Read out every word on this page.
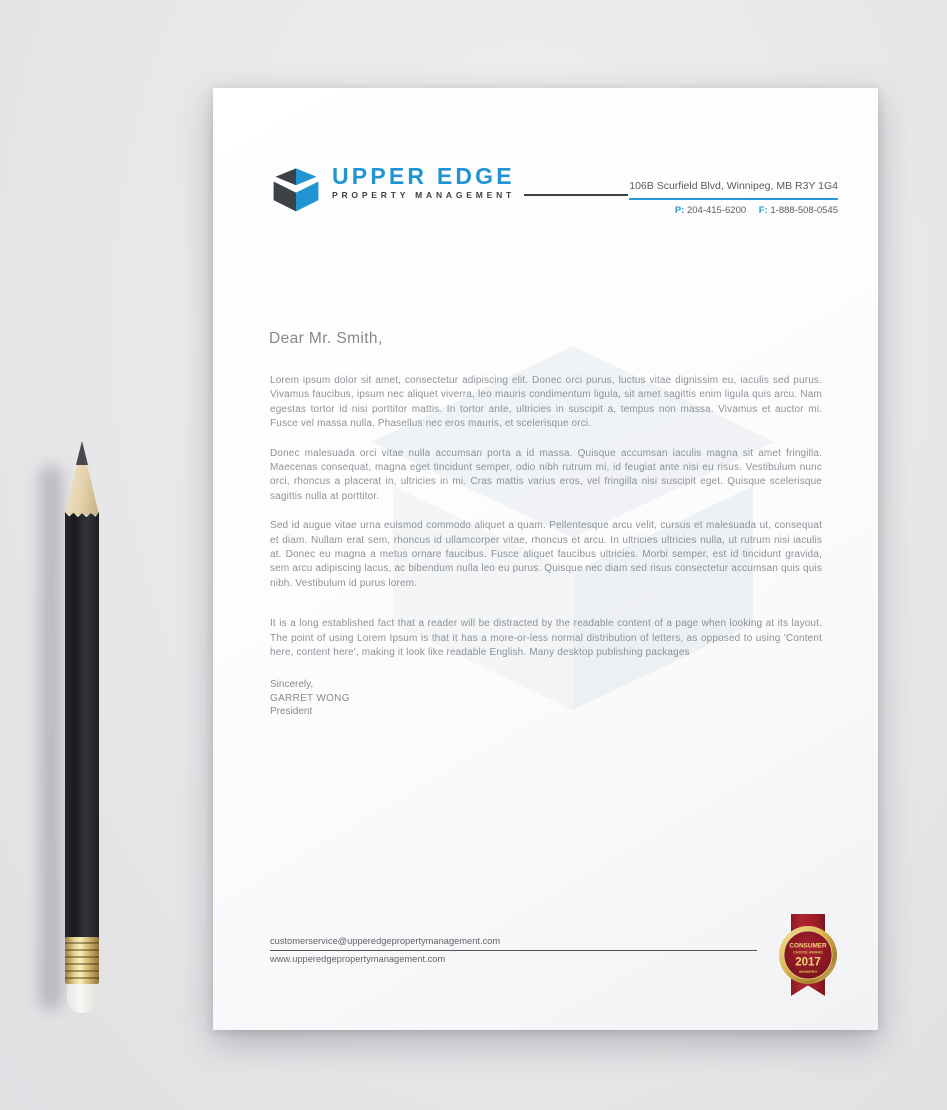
UPPER EDGE
PROPERTY MANAGEMENT
106B Scurfield Blvd, Winnipeg, MB R3Y 1G4
P: 204-415-6200 F: 1-888-508-0545
Dear Mr. Smith,

Lorem ipsum dolor sit amet, consectetur adipiscing elit. Donec orci purus, luctus vitae dignissim eu, iaculis sed purus. Vivamus faucibus, ipsum nec aliquet viverra, leo mauris condimentum ligula, sit amet sagittis enim ligula quis arcu. Nam egestas tortor id nisi porttitor mattis. In tortor ante, ultricies in suscipit a, tempus non massa. Vivamus et auctor mi. Fusce vel massa nulla. Phasellus nec eros mauris, et scelerisque orci.

Donec malesuada orci vitae nulla accumsan porta a id massa. Quisque accumsan iaculis magna sit amet fringilla. Maecenas consequat, magna eget tincidunt semper, odio nibh rutrum mi, id feugiat ante nisi eu risus. Vestibulum nunc orci, rhoncus a placerat in, ultricies in mi. Cras mattis varius eros, vel fringilla nisi suscipit eget. Quisque scelerisque sagittis nulla at porttitor.

Sed id augue vitae urna euismod commodo aliquet a quam. Pellentesque arcu velit, cursus et malesuada ut, consequat et diam. Nullam erat sem, rhoncus id ullamcorper vitae, rhoncus et arcu. In ultricies ultricies nulla, ut rutrum nisi iaculis at. Donec eu magna a metus ornare faucibus. Fusce aliquet faucibus ultricies. Morbi semper, est id tincidunt gravida, sem arcu adipiscing lacus, ac bibendum nulla leo eu purus. Quisque nec diam sed risus consectetur accumsan quis quis nibh. Vestibulum id purus lorem.

It is a long established fact that a reader will be distracted by the readable content of a page when looking at its layout. The point of using Lorem Ipsum is that it has a more-or-less normal distribution of letters, as opposed to using 'Content here, content here', making it look like readable English. Many desktop publishing packages

Sincerely,
GARRET WONG
President
customerservice@upperedgepropertymanagement.com
www.upperedgepropertymanagement.com
CONSUMER
CHOICE AWARD
2017
WINNIPEG
